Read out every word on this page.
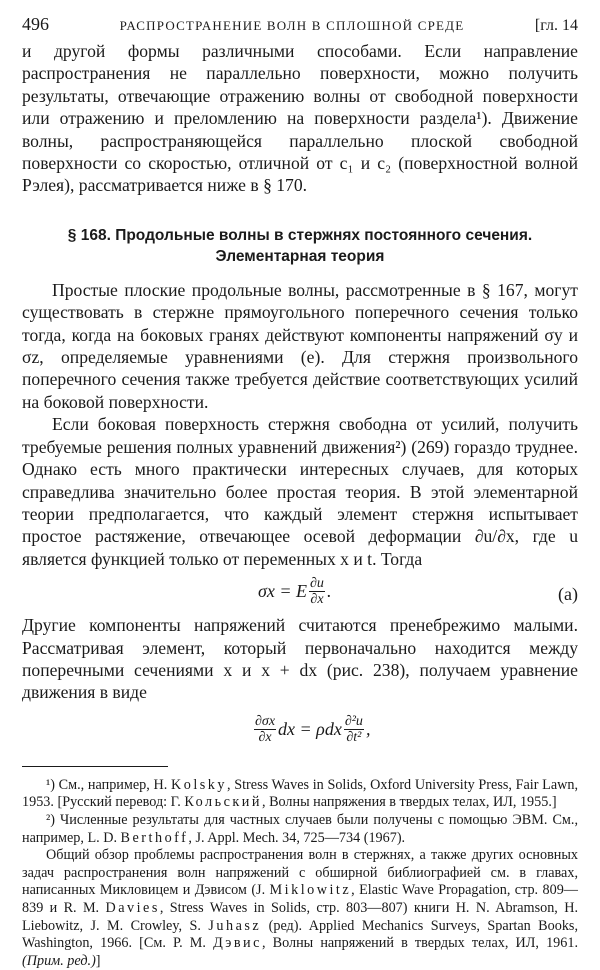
496	РАСПРОСТРАНЕНИЕ ВОЛН В СПЛОШНОЙ СРЕДЕ	[гл. 14

и другой формы различными способами. Если направление распространения не параллельно поверхности, можно получить результаты, отвечающие отражению волны от свободной поверхности или отражению и преломлению на поверхности раздела¹). Движение волны, распространяющейся параллельно плоской свободной поверхности со скоростью, отличной от c₁ и c₂ (поверхностной волной Рэлея), рассматривается ниже в § 170.

§ 168. Продольные волны в стержнях постоянного сечения.
Элементарная теория

Простые плоские продольные волны, рассмотренные в § 167, могут существовать в стержне прямоугольного поперечного сечения только тогда, когда на боковых гранях действуют компоненты напряжений σy и σz, определяемые уравнениями (е). Для стержня произвольного поперечного сечения также требуется действие соответствующих усилий на боковой поверхности.

Если боковая поверхность стержня свободна от усилий, получить требуемые решения полных уравнений движения²) (269) гораздо труднее. Однако есть много практически интересных случаев, для которых справедлива значительно более простая теория. В этой элементарной теории предполагается, что каждый элемент стержня испытывает простое растяжение, отвечающее осевой деформации ∂u/∂x, где u является функцией только от переменных x и t. Тогда

σx = E $\frac{\partial u}{\partial x}$ .	(а)

Другие компоненты напряжений считаются пренебрежимо малыми. Рассматривая элемент, который первоначально находится между поперечными сечениями x и x + dx (рис. 238), получаем уравнение движения в виде

$\frac{\partial\sigma x}{\partial x}$ dx = ρdx $\frac{\text{∂²u}}{\text{∂t²}}$ ,

¹) См., например, H. Kolsky, Stress Waves in Solids, Oxford University Press, Fair Lawn, 1953. [Русский перевод: Г. Кольский, Волны напряжения в твердых телах, ИЛ, 1955.]

²) Численные результаты для частных случаев были получены с помощью ЭВМ. См., например, L. D. Berthoff, J. Appl. Mech. 34, 725—734 (1967).

Общий обзор проблемы распространения волн в стержнях, а также других основных задач распространения волн напряжений с обширной библиографией см. в главах, написанных Микловицем и Дэвисом (J. Miklowitz, Elastic Wave Propagation, стр. 809—839 и R. M. Davies, Stress Waves in Solids, стр. 803—807) книги H. N. Abramson, H. Liebowitz, J. M. Crowley, S. Juhasz (ред). Applied Mechanics Surveys, Spartan Books, Washington, 1966. [См. Р. М. Дэвис, Волны напряжений в твердых телах, ИЛ, 1961. (Прим. ред.)]
